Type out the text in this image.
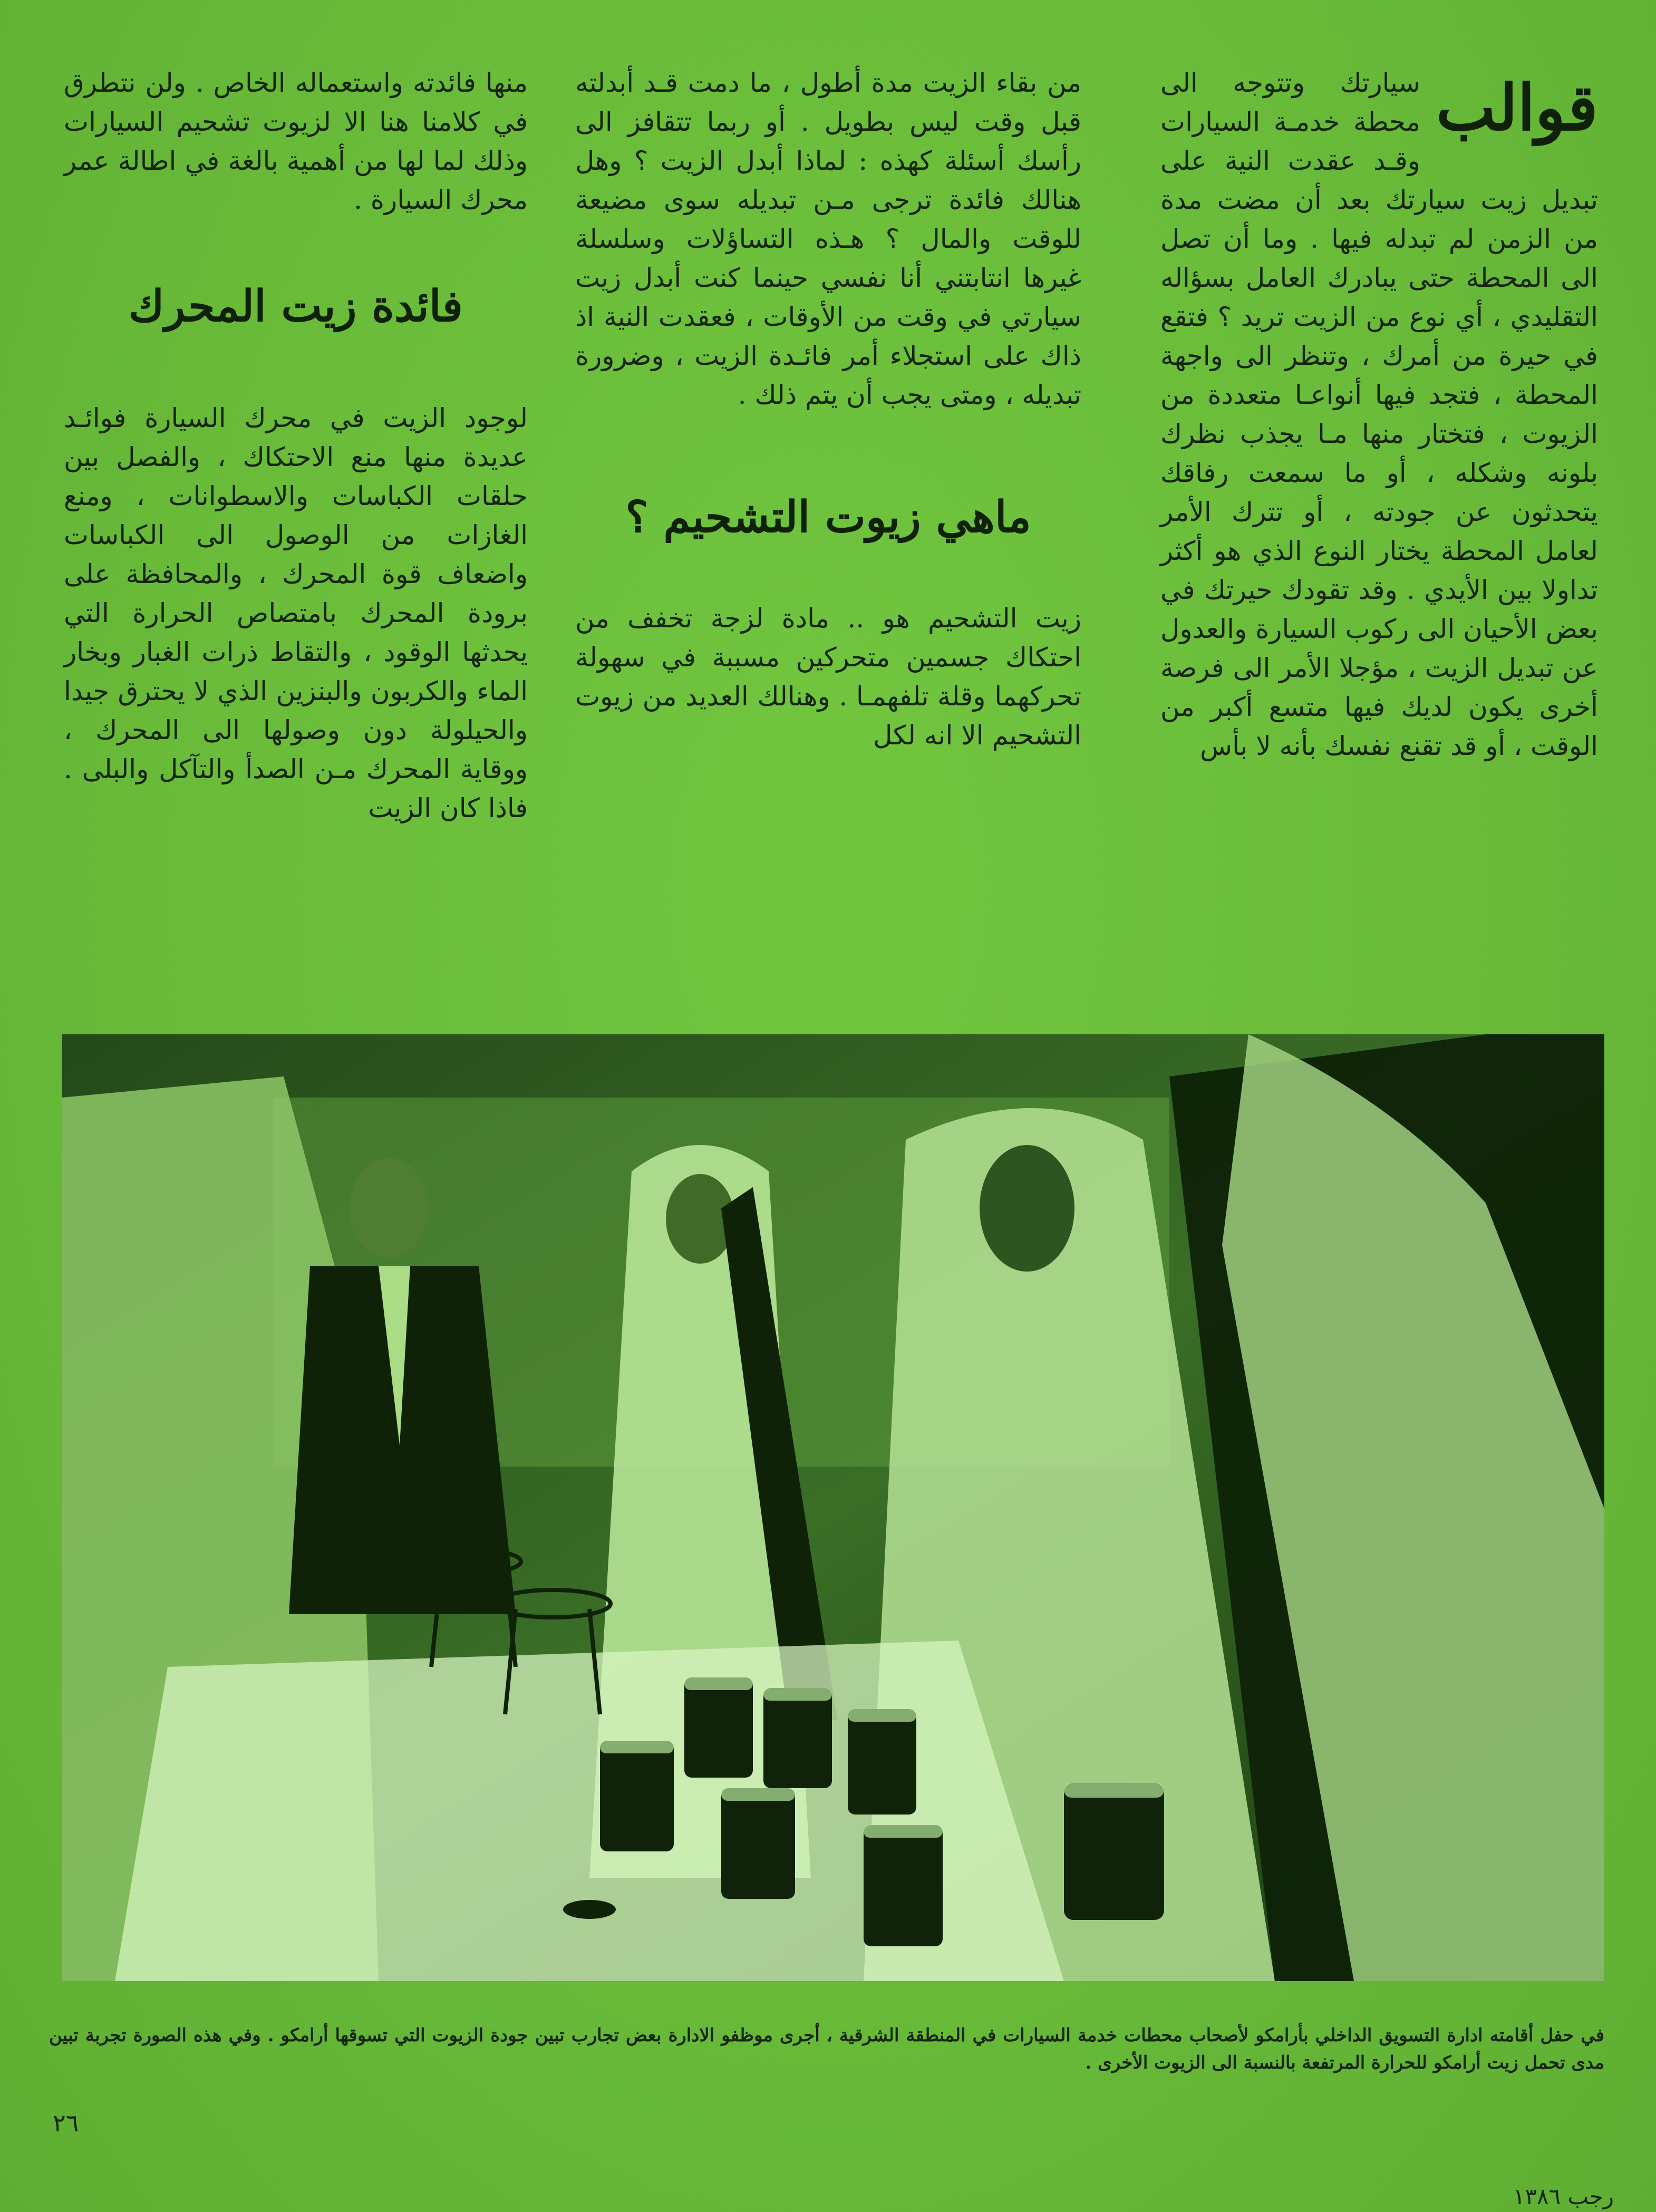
قوالب

سيارتك وتتوجه الى محطة خدمـة السيارات وقـد عقدت النية على تبديل زيت سيارتك بعد أن مضت مدة من الزمن لم تبدله فيها . وما أن تصل الى المحطة حتى يبادرك العامل بسؤاله التقليدي ، أي نوع من الزيت تريد ؟ فتقع في حيرة من أمرك ، وتنظر الى واجهة المحطة ، فتجد فيها أنواعـا متعددة من الزيوت ، فتختار منها مـا يجذب نظرك بلونه وشكله ، أو ما سمعت رفاقك يتحدثون عن جودته ، أو تترك الأمر لعامل المحطة يختار النوع الذي هو أكثر تداولا بين الأيدي . وقد تقودك حيرتك في بعض الأحيان الى ركوب السيارة والعدول عن تبديل الزيت ، مؤجلا الأمر الى فرصة أخرى يكون لديك فيها متسع أكبر من الوقت ، أو قد تقنع نفسك بأنه لا بأس

من بقاء الزيت مدة أطول ، ما دمت قـد أبدلته قبل وقت ليس بطويل . أو ربما تتقافز الى رأسك أسئلة كهذه : لماذا أبدل الزيت ؟ وهل هنالك فائدة ترجى مـن تبديله سوى مضيعة للوقت والمال ؟ هـذه التساؤلات وسلسلة غيرها انتابتني أنا نفسي حينما كنت أبدل زيت سيارتي في وقت من الأوقات ، فعقدت النية اذ ذاك على استجلاء أمر فائـدة الزيت ، وضرورة تبديله ، ومتى يجب أن يتم ذلك .

ماهي زيوت التشحيم ؟

زيت التشحيم هو .. مادة لزجة تخفف من احتكاك جسمين متحركين مسببة في سهولة تحركهما وقلة تلفهمـا . وهنالك العديد من زيوت التشحيم الا انه لكل

منها فائدته واستعماله الخاص . ولن نتطرق في كلامنا هنا الا لزيوت تشحيم السيارات وذلك لما لها من أهمية بالغة في اطالة عمر محرك السيارة .

فائدة زيت المحرك

لوجود الزيت في محرك السيارة فوائـد عديدة منها منع الاحتكاك ، والفصل بين حلقات الكباسات والاسطوانات ، ومنع الغازات من الوصول الى الكباسات واضعاف قوة المحرك ، والمحافظة على برودة المحرك بامتصاص الحرارة التي يحدثها الوقود ، والتقاط ذرات الغبار وبخار الماء والكربون والبنزين الذي لا يحترق جيدا والحيلولة دون وصولها الى المحرك ، ووقاية المحرك مـن الصدأ والتآكل والبلى . فاذا كان الزيت

في حفل أقامته ادارة التسويق الداخلي بأرامكو لأصحاب محطات خدمة السيارات في المنطقة الشرقية ، أجرى موظفو الادارة بعض تجارب تبين جودة الزيوت التي تسوقها أرامكو . وفي هذه الصورة تجربة تبين مدى تحمل زيت أرامكو للحرارة المرتفعة بالنسبة الى الزيوت الأخرى .
٢٦
رجب ١٣٨٦
